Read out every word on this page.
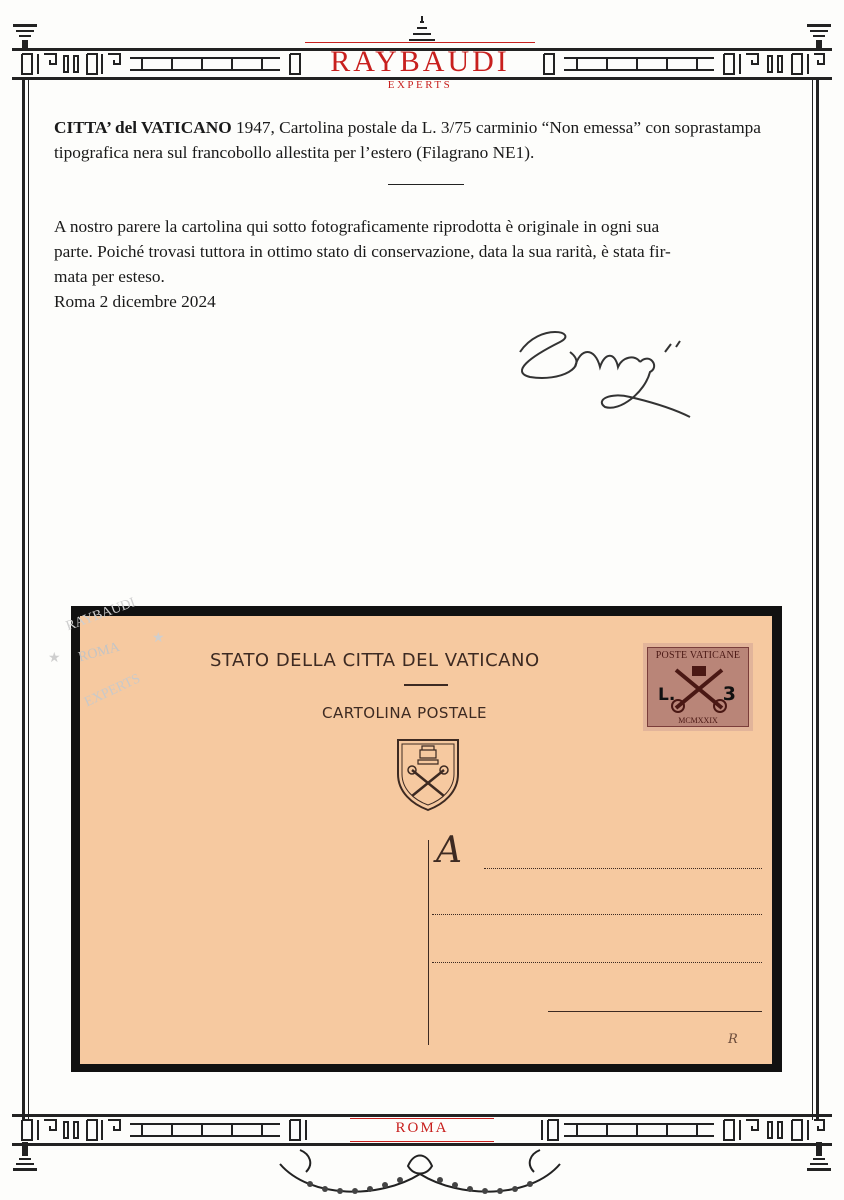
RAYBAUDI
EXPERTS
CITTA’ del VATICANO 1947, Cartolina postale da L. 3/75 carminio “Non emessa” con soprastampa tipografica nera sul francobollo allestita per l’estero (Filagrano NE1).
A nostro parere la cartolina qui sotto fotograficamente riprodotta è originale in ogni sua
parte. Poiché trovasi tuttora in ottimo stato di conservazione, data la sua rarità, è stata fir-
mata per esteso.
Roma 2 dicembre 2024
STATO DELLA CITTA DEL VATICANO
CARTOLINA POSTALE
POSTE VATICANE
L. 3
MCMXXIX
A
R
RAYBAUDI
ROMA
EXPERTS
★
★
ROMA
